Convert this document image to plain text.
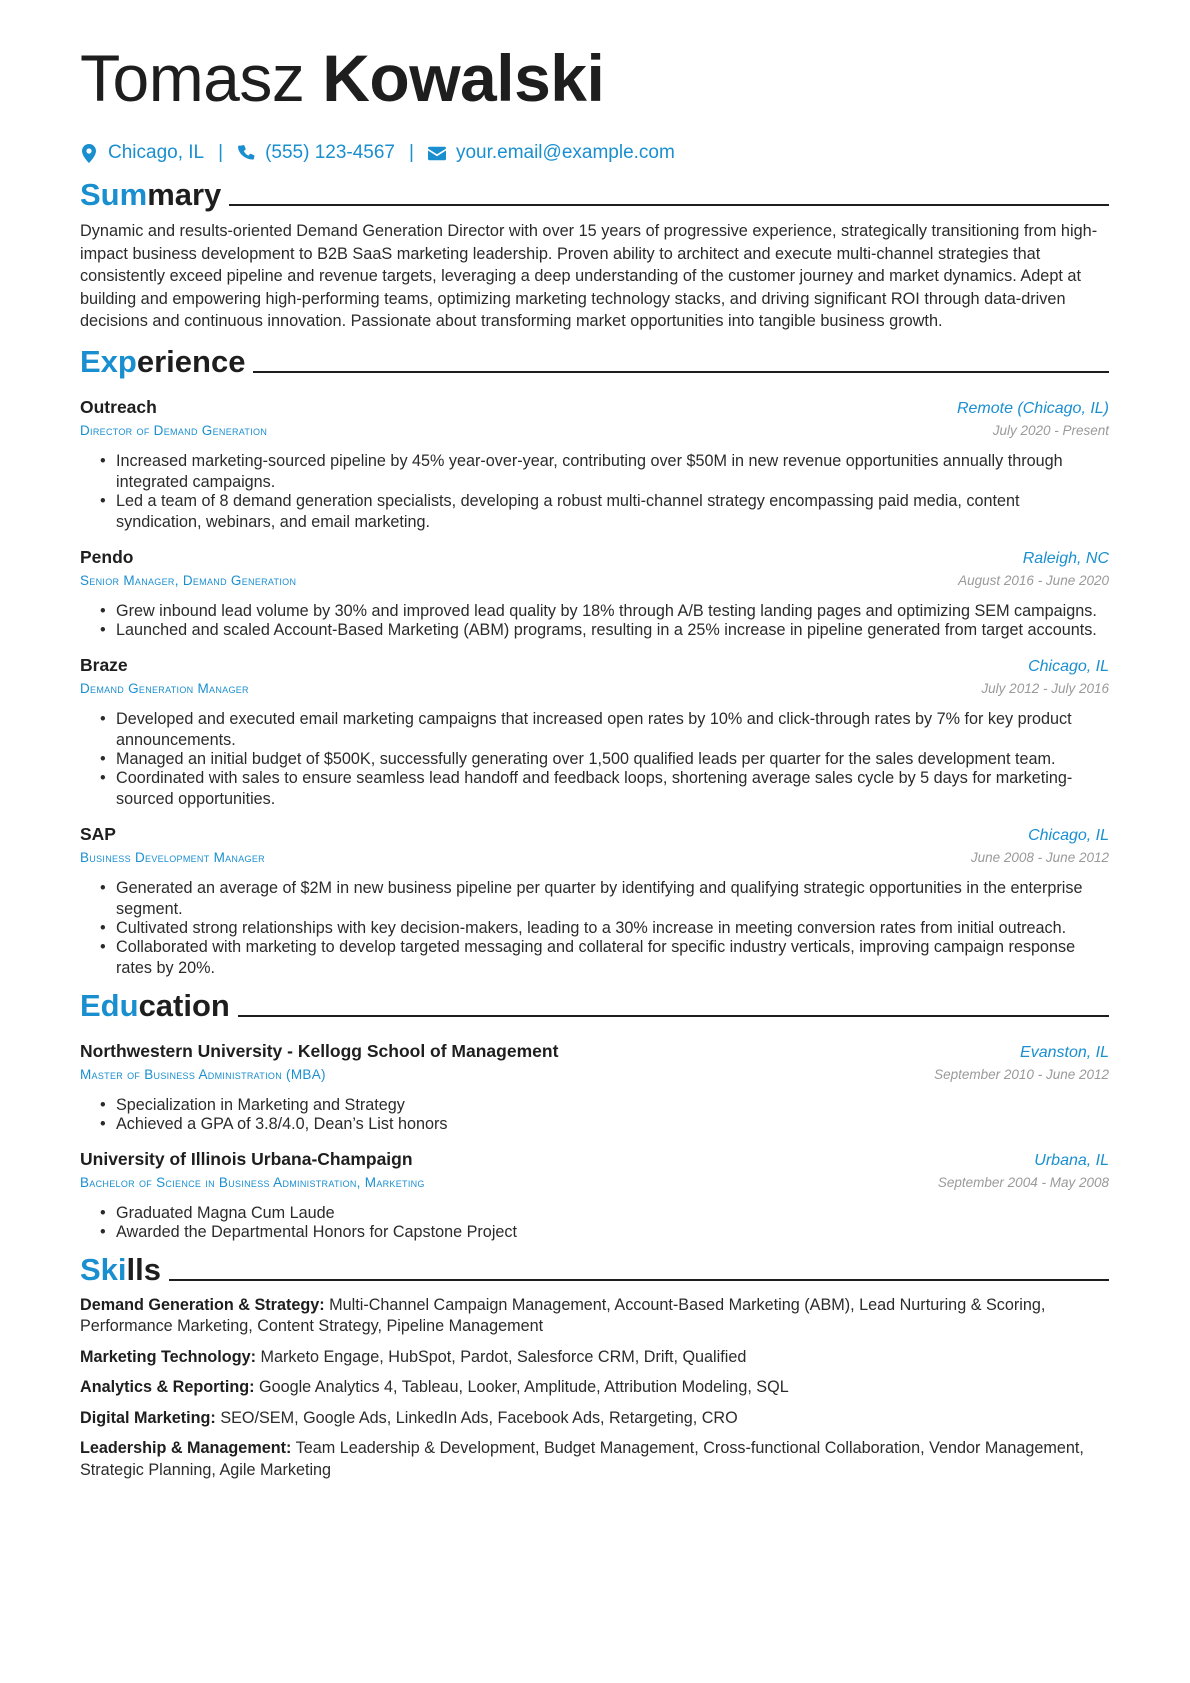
Tomasz Kowalski
Chicago, IL | (555) 123-4567 | your.email@example.com
Summary

Dynamic and results-oriented Demand Generation Director with over 15 years of progressive experience, strategically transitioning from high-impact business development to B2B SaaS marketing leadership. Proven ability to architect and execute multi-channel strategies that consistently exceed pipeline and revenue targets, leveraging a deep understanding of the customer journey and market dynamics. Adept at building and empowering high-performing teams, optimizing marketing technology stacks, and driving significant ROI through data-driven decisions and continuous innovation. Passionate about transforming market opportunities into tangible business growth.

Experience
Outreach	Remote (Chicago, IL)
Director of Demand Generation	July 2020 - Present
• Increased marketing-sourced pipeline by 45% year-over-year, contributing over $50M in new revenue opportunities annually through integrated campaigns.
• Led a team of 8 demand generation specialists, developing a robust multi-channel strategy encompassing paid media, content syndication, webinars, and email marketing.
Pendo	Raleigh, NC
Senior Manager, Demand Generation	August 2016 - June 2020
• Grew inbound lead volume by 30% and improved lead quality by 18% through A/B testing landing pages and optimizing SEM campaigns.
• Launched and scaled Account-Based Marketing (ABM) programs, resulting in a 25% increase in pipeline generated from target accounts.
Braze	Chicago, IL
Demand Generation Manager	July 2012 - July 2016
• Developed and executed email marketing campaigns that increased open rates by 10% and click-through rates by 7% for key product announcements.
• Managed an initial budget of $500K, successfully generating over 1,500 qualified leads per quarter for the sales development team.
• Coordinated with sales to ensure seamless lead handoff and feedback loops, shortening average sales cycle by 5 days for marketing-sourced opportunities.
SAP	Chicago, IL
Business Development Manager	June 2008 - June 2012
• Generated an average of $2M in new business pipeline per quarter by identifying and qualifying strategic opportunities in the enterprise segment.
• Cultivated strong relationships with key decision-makers, leading to a 30% increase in meeting conversion rates from initial outreach.
• Collaborated with marketing to develop targeted messaging and collateral for specific industry verticals, improving campaign response rates by 20%.
Education
Northwestern University - Kellogg School of Management	Evanston, IL
Master of Business Administration (MBA)	September 2010 - June 2012
• Specialization in Marketing and Strategy
• Achieved a GPA of 3.8/4.0, Dean’s List honors
University of Illinois Urbana-Champaign	Urbana, IL
Bachelor of Science in Business Administration, Marketing	September 2004 - May 2008
• Graduated Magna Cum Laude
• Awarded the Departmental Honors for Capstone Project
Skills
Demand Generation & Strategy: Multi-Channel Campaign Management, Account-Based Marketing (ABM), Lead Nurturing & Scoring, Performance Marketing, Content Strategy, Pipeline Management
Marketing Technology: Marketo Engage, HubSpot, Pardot, Salesforce CRM, Drift, Qualified
Analytics & Reporting: Google Analytics 4, Tableau, Looker, Amplitude, Attribution Modeling, SQL
Digital Marketing: SEO/SEM, Google Ads, LinkedIn Ads, Facebook Ads, Retargeting, CRO
Leadership & Management: Team Leadership & Development, Budget Management, Cross-functional Collaboration, Vendor Management, Strategic Planning, Agile Marketing
